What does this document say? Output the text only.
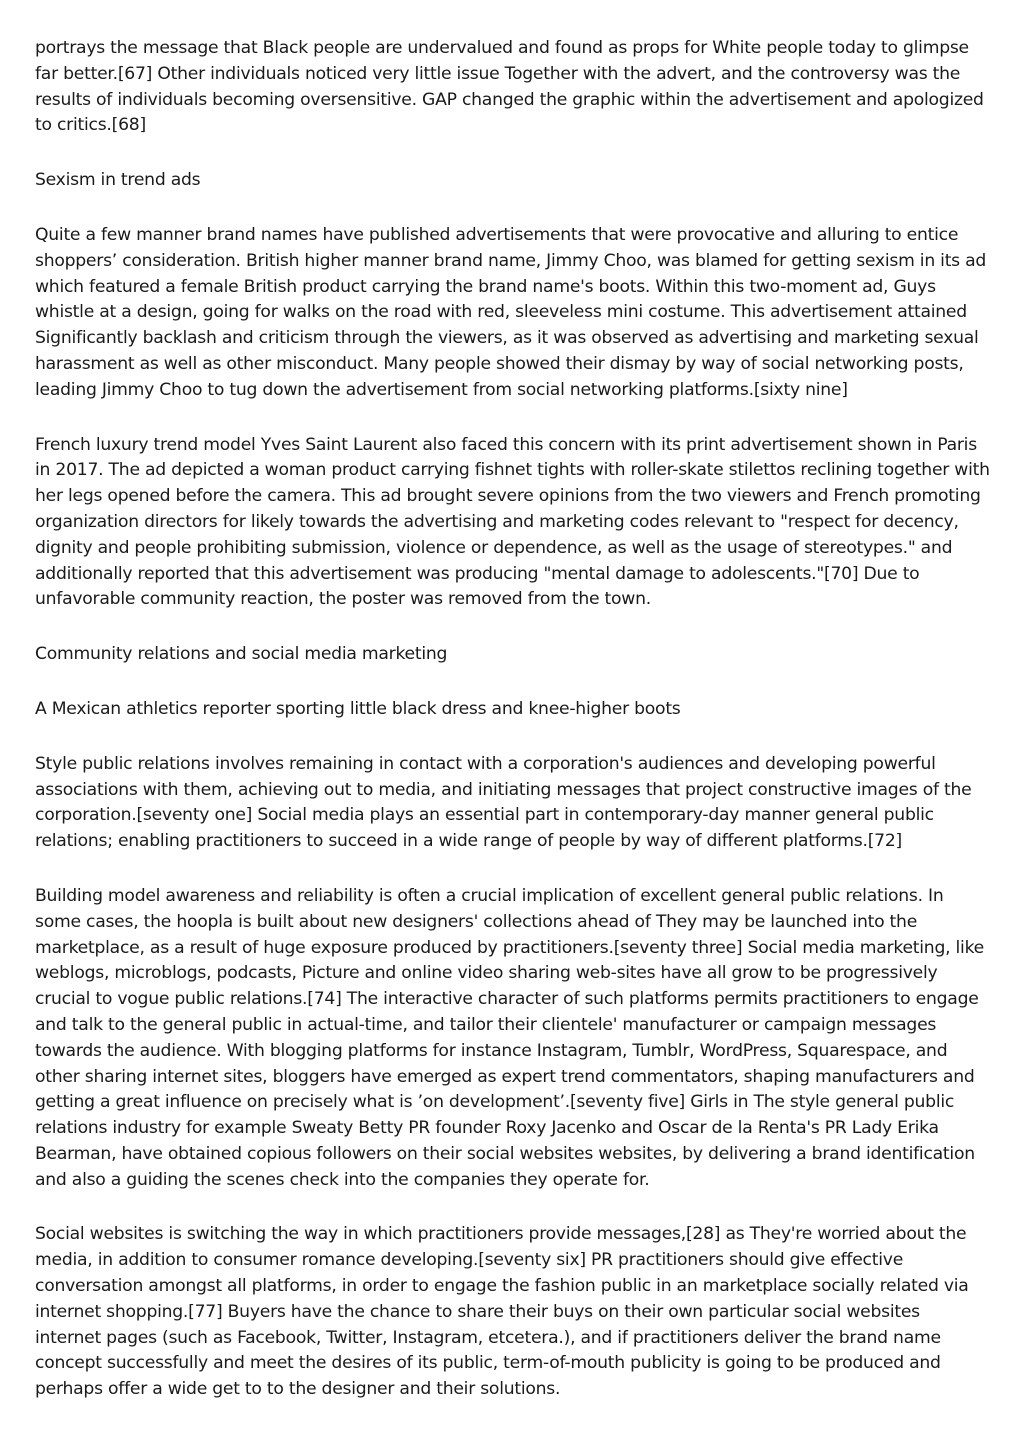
portrays the message that Black people are undervalued and found as props for White people today to glimpse far better.[67] Other individuals noticed very little issue Together with the advert, and the controversy was the results of individuals becoming oversensitive. GAP changed the graphic within the advertisement and apologized to critics.[68]

Sexism in trend ads

Quite a few manner brand names have published advertisements that were provocative and alluring to entice shoppers’ consideration. British higher manner brand name, Jimmy Choo, was blamed for getting sexism in its ad which featured a female British product carrying the brand name's boots. Within this two-moment ad, Guys whistle at a design, going for walks on the road with red, sleeveless mini costume. This advertisement attained Significantly backlash and criticism through the viewers, as it was observed as advertising and marketing sexual harassment as well as other misconduct. Many people showed their dismay by way of social networking posts, leading Jimmy Choo to tug down the advertisement from social networking platforms.[sixty nine]

French luxury trend model Yves Saint Laurent also faced this concern with its print advertisement shown in Paris in 2017. The ad depicted a woman product carrying fishnet tights with roller-skate stilettos reclining together with her legs opened before the camera. This ad brought severe opinions from the two viewers and French promoting organization directors for likely towards the advertising and marketing codes relevant to "respect for decency, dignity and people prohibiting submission, violence or dependence, as well as the usage of stereotypes." and additionally reported that this advertisement was producing "mental damage to adolescents."[70] Due to unfavorable community reaction, the poster was removed from the town.

Community relations and social media marketing

A Mexican athletics reporter sporting little black dress and knee-higher boots

Style public relations involves remaining in contact with a corporation's audiences and developing powerful associations with them, achieving out to media, and initiating messages that project constructive images of the corporation.[seventy one] Social media plays an essential part in contemporary-day manner general public relations; enabling practitioners to succeed in a wide range of people by way of different platforms.[72]

Building model awareness and reliability is often a crucial implication of excellent general public relations. In some cases, the hoopla is built about new designers' collections ahead of They may be launched into the marketplace, as a result of huge exposure produced by practitioners.[seventy three] Social media marketing, like weblogs, microblogs, podcasts, Picture and online video sharing web-sites have all grow to be progressively crucial to vogue public relations.[74] The interactive character of such platforms permits practitioners to engage and talk to the general public in actual-time, and tailor their clientele' manufacturer or campaign messages towards the audience. With blogging platforms for instance Instagram, Tumblr, WordPress, Squarespace, and other sharing internet sites, bloggers have emerged as expert trend commentators, shaping manufacturers and getting a great influence on precisely what is ’on development’.[seventy five] Girls in The style general public relations industry for example Sweaty Betty PR founder Roxy Jacenko and Oscar de la Renta's PR Lady Erika Bearman, have obtained copious followers on their social websites websites, by delivering a brand identification and also a guiding the scenes check into the companies they operate for.

Social websites is switching the way in which practitioners provide messages,[28] as They're worried about the media, in addition to consumer romance developing.[seventy six] PR practitioners should give effective conversation amongst all platforms, in order to engage the fashion public in an marketplace socially related via internet shopping.[77] Buyers have the chance to share their buys on their own particular social websites internet pages (such as Facebook, Twitter, Instagram, etcetera.), and if practitioners deliver the brand name concept successfully and meet the desires of its public, term-of-mouth publicity is going to be produced and perhaps offer a wide get to to the designer and their solutions.
